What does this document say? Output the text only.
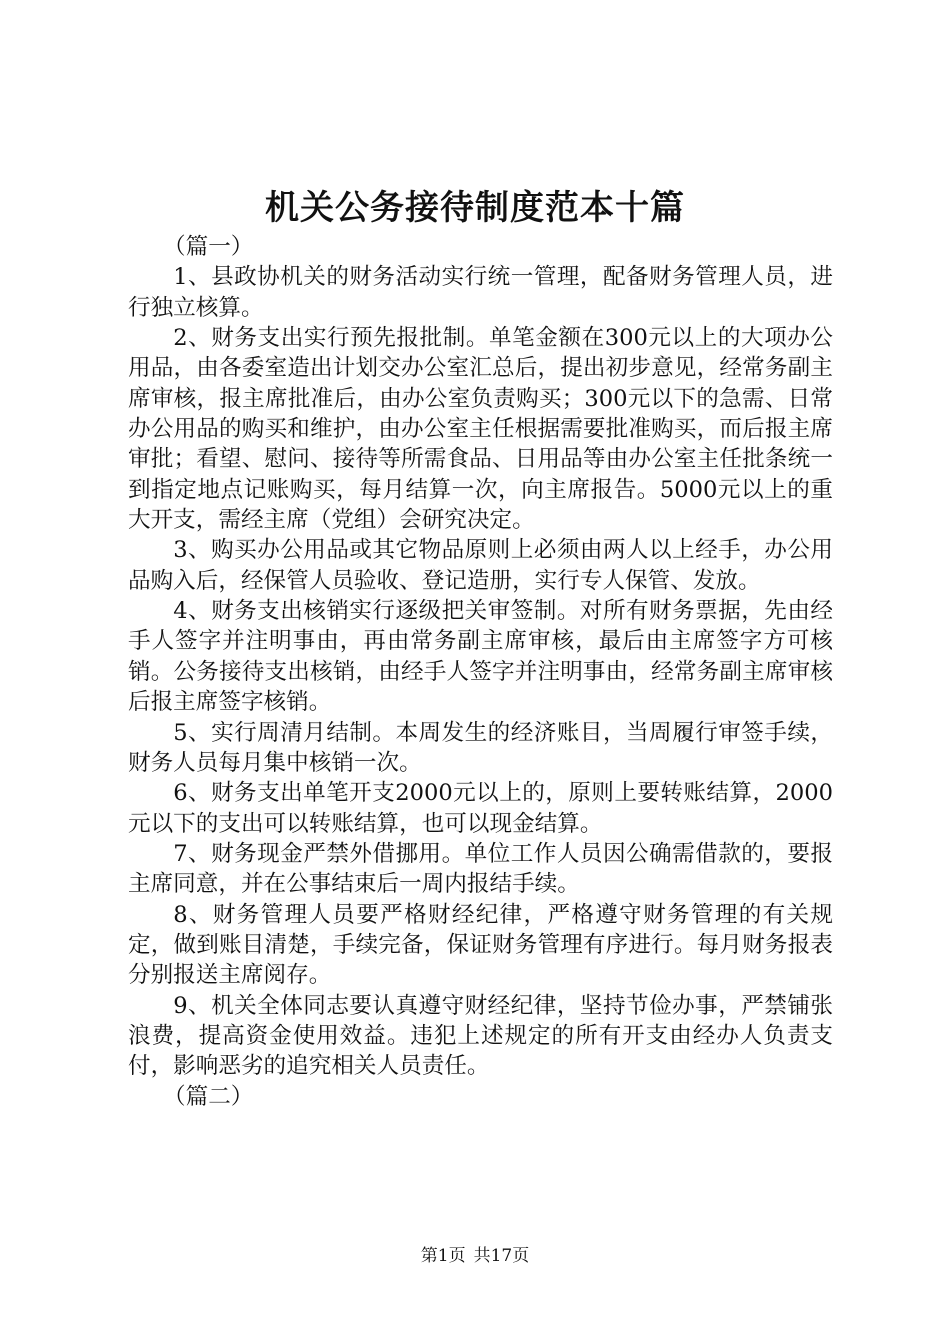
机关公务接待制度范本十篇

（篇一）

1、县政协机关的财务活动实行统一管理，配备财务管理人员，进行独立核算。

2、财务支出实行预先报批制。单笔金额在300元以上的大项办公用品，由各委室造出计划交办公室汇总后，提出初步意见，经常务副主席审核，报主席批准后，由办公室负责购买；300元以下的急需、日常办公用品的购买和维护，由办公室主任根据需要批准购买，而后报主席审批；看望、慰问、接待等所需食品、日用品等由办公室主任批条统一到指定地点记账购买，每月结算一次，向主席报告。5000元以上的重大开支，需经主席（党组）会研究决定。

3、购买办公用品或其它物品原则上必须由两人以上经手，办公用品购入后，经保管人员验收、登记造册，实行专人保管、发放。

4、财务支出核销实行逐级把关审签制。对所有财务票据，先由经手人签字并注明事由，再由常务副主席审核，最后由主席签字方可核销。公务接待支出核销，由经手人签字并注明事由，经常务副主席审核后报主席签字核销。

5、实行周清月结制。本周发生的经济账目，当周履行审签手续，财务人员每月集中核销一次。

6、财务支出单笔开支2000元以上的，原则上要转账结算，2000元以下的支出可以转账结算，也可以现金结算。

7、财务现金严禁外借挪用。单位工作人员因公确需借款的，要报主席同意，并在公事结束后一周内报结手续。

8、财务管理人员要严格财经纪律，严格遵守财务管理的有关规定，做到账目清楚，手续完备，保证财务管理有序进行。每月财务报表分别报送主席阅存。

9、机关全体同志要认真遵守财经纪律，坚持节俭办事，严禁铺张浪费，提高资金使用效益。违犯上述规定的所有开支由经办人负责支付，影响恶劣的追究相关人员责任。

（篇二）

第1页 共17页
